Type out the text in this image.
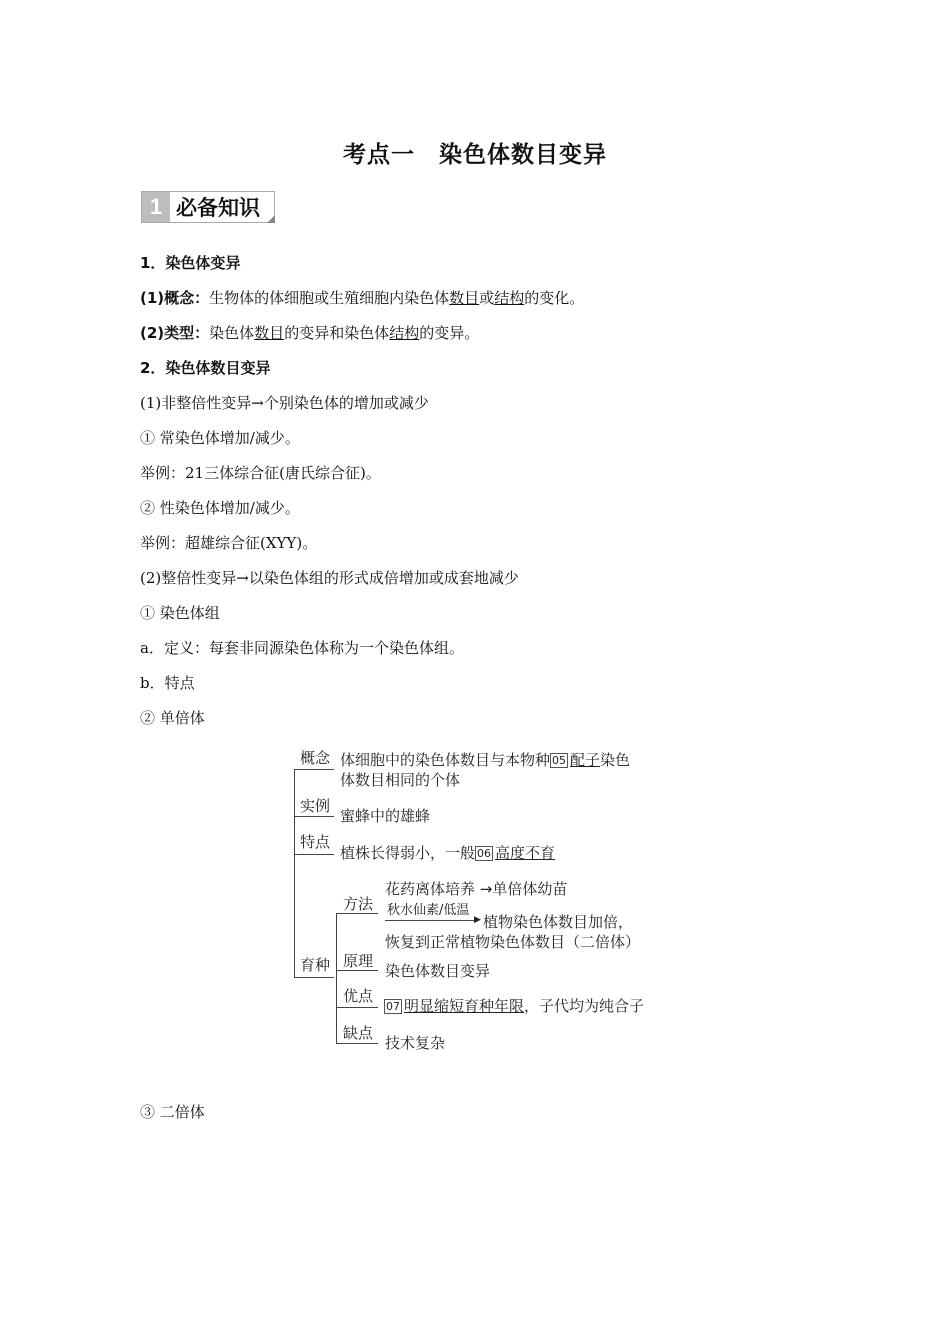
考点一　染色体数目变异
1 必备知识
1．染色体变异
(1)概念：生物体的体细胞或生殖细胞内染色体数目或结构的变化。
(2)类型：染色体数目的变异和染色体结构的变异。
2．染色体数目变异
(1)非整倍性变异→个别染色体的增加或减少
① 常染色体增加/减少。
举例：21三体综合征(唐氏综合征)。
② 性染色体增加/减少。
举例：超雄综合征(XYY)。
(2)整倍性变异→以染色体组的形式成倍增加或成套地减少
① 染色体组
a．定义：每套非同源染色体称为一个染色体组。
b．特点
② 单倍体
概念 体细胞中的染色体数目与本物种 05 配子染色
体数目相同的个体
实例
蜜蜂中的雄蜂
特点
植株长得弱小，一般 06 高度不育
育种
方法
花药离体培养 →单倍体幼苗
秋水仙素/低温
▶ 植物染色体数目加倍，
恢复到正常植物染色体数目（二倍体）
原理
染色体数目变异
优点
07 明显缩短育种年限，子代均为纯合子
缺点
技术复杂
③ 二倍体
